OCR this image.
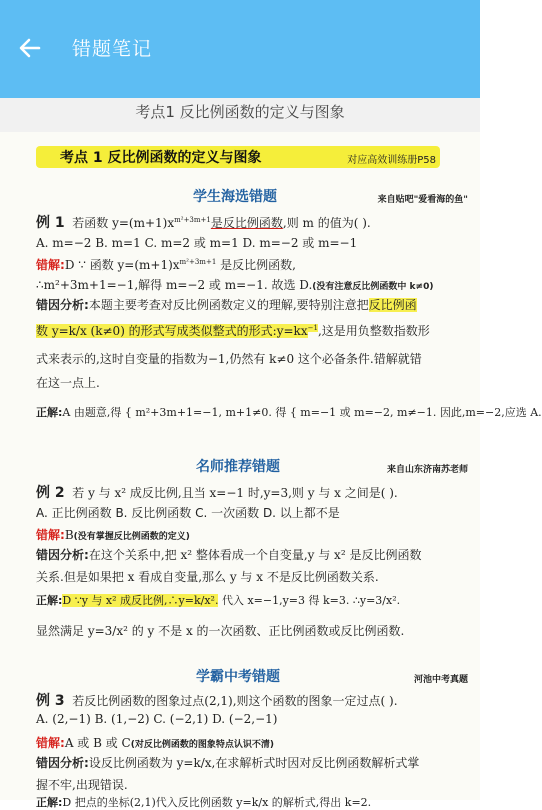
错题笔记
考点1 反比例函数的定义与图象
考点 1 反比例函数的定义与图象	对应高效训练册P58
学生海选错题	来自贴吧"爱看海的鱼"
例 1 若函数 $y=(m+1)x^{m^2+3m+1}$是反比例函数,则 m 的值为( ).
A. m=−2 B. m=1 C. m=2 或 m=1 D. m=−2 或 m=−1
错解:D ∵ 函数 $y=(m+1)x^{m^2+3m+1}$ 是反比例函数,
∴m²+3m+1=−1,解得 m=−2 或 m=−1. 故选 D.(没有注意反比例函数中 k≠0)
错因分析:本题主要考查对反比例函数定义的理解,要特别注意把反比例函
数 y=k/x (k≠0) 的形式写成类似整式的形式$:y=kx^{-1}$,这是用负整数指数形
式来表示的,这时自变量的指数为−1,仍然有 k≠0 这个必备条件.错解就错
在这一点上.
正解:A 由题意,得 { m²+3m+1=−1, m+1≠0. 得 { m=−1 或 m=−2, m≠−1. 因此,m=−2,应选 A.
名师推荐错题	来自山东济南苏老师
例 2 若 y 与 x² 成反比例,且当 x=−1 时,y=3,则 y 与 x 之间是( ).
A. 正比例函数 B. 反比例函数 C. 一次函数 D. 以上都不是
错解:B(没有掌握反比例函数的定义)
错因分析:在这个关系中,把 x² 整体看成一个自变量,y 与 x² 是反比例函数
关系.但是如果把 x 看成自变量,那么 y 与 x 不是反比例函数关系.
正解:D ∵y 与 x² 成反比例,∴y=k/x². 代入 x=−1,y=3 得 k=3. ∴y=3/x².
显然满足 y=3/x² 的 y 不是 x 的一次函数、正比例函数或反比例函数.
学霸中考错题	河池中考真题
例 3 若反比例函数的图象过点(2,1),则这个函数的图象一定过点( ).
A. (2,−1) B. (1,−2) C. (−2,1) D. (−2,−1)
错解:A 或 B 或 C(对反比例函数的图象特点认识不清)
错因分析:设反比例函数为 y=k/x,在求解析式时因对反比例函数解析式掌
握不牢,出现错误.
正解:D 把点的坐标(2,1)代入反比例函数 y=k/x 的解析式,得出 k=2.
